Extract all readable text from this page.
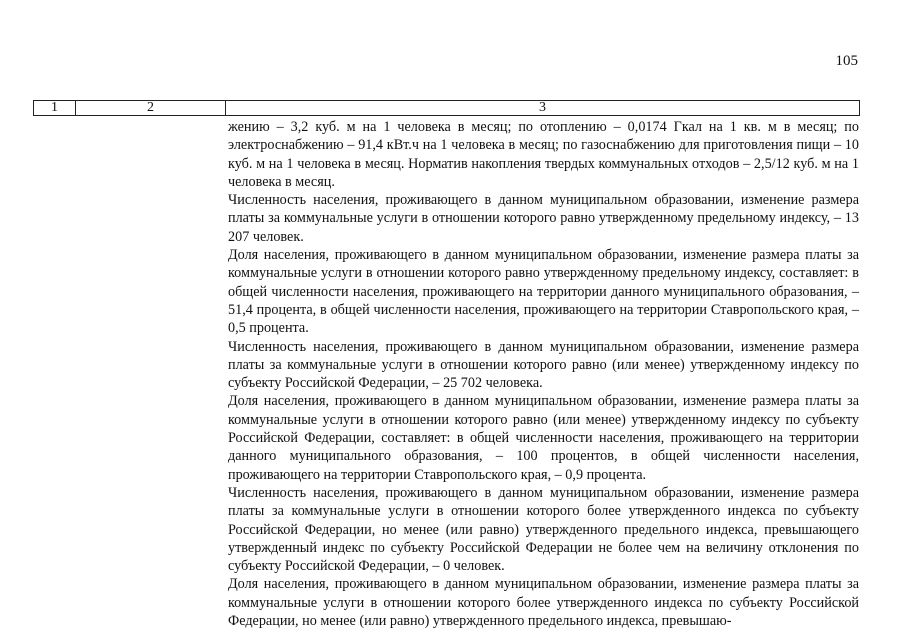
105
1	2	3

жению – 3,2 куб. м на 1 человека в месяц; по отоплению – 0,0174 Гкал на 1 кв. м в месяц; по электроснабжению – 91,4 кВт.ч на 1 человека в месяц; по газоснабжению для приготовления пищи – 10 куб. м на 1 человека в месяц. Норматив накопления твердых коммунальных отходов – 2,5/12 куб. м на 1 человека в месяц.

Численность населения, проживающего в данном муниципальном образовании, изменение размера платы за коммунальные услуги в отношении которого равно утвержденному предельному индексу, – 13 207 человек.

Доля населения, проживающего в данном муниципальном образовании, изменение размера платы за коммунальные услуги в отношении которого равно утвержденному предельному индексу, составляет: в общей численности населения, проживающего на территории данного муниципального образования, – 51,4 процента, в общей численности населения, проживающего на территории Ставропольского края, – 0,5 процента.

Численность населения, проживающего в данном муниципальном образовании, изменение размера платы за коммунальные услуги в отношении которого равно (или менее) утвержденному индексу по субъекту Российской Федерации, – 25 702 человека.

Доля населения, проживающего в данном муниципальном образовании, изменение размера платы за коммунальные услуги в отношении которого равно (или менее) утвержденному индексу по субъекту Российской Федерации, составляет: в общей численности населения, проживающего на территории данного муниципального образования, – 100 процентов, в общей численности населения, проживающего на территории Ставропольского края, – 0,9 процента.

Численность населения, проживающего в данном муниципальном образовании, изменение размера платы за коммунальные услуги в отношении которого более утвержденного индекса по субъекту Российской Федерации, но менее (или равно) утвержденного предельного индекса, превышающего утвержденный индекс по субъекту Российской Федерации не более чем на величину отклонения по субъекту Российской Федерации, – 0 человек.

Доля населения, проживающего в данном муниципальном образовании, изменение размера платы за коммунальные услуги в отношении которого более утвержденного индекса по субъекту Российской Федерации, но менее (или равно) утвержденного предельного индекса, превышаю-
